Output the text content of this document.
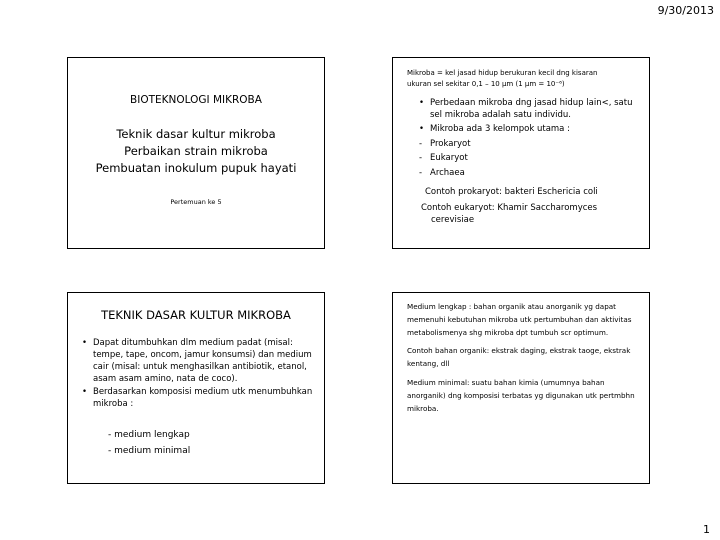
9/30/2013
BIOTEKNOLOGI MIKROBA
Teknik dasar kultur mikroba
Perbaikan strain mikroba
Pembuatan inokulum pupuk hayati
Pertemuan ke 5
Mikroba = kel jasad hidup berukuran kecil dng kisaran
ukuran sel sekitar 0,1 – 10 µm (1 µm = 10⁻⁶)
• Perbedaan mikroba dng jasad hidup lain<, satu sel mikroba adalah satu individu.
• Mikroba ada 3 kelompok utama :
- Prokaryot
- Eukaryot
- Archaea
Contoh prokaryot: bakteri Eschericia coli
Contoh eukaryot: Khamir Saccharomyces
cerevisiae
TEKNIK DASAR KULTUR MIKROBA
• Dapat ditumbuhkan dlm medium padat (misal: tempe, tape, oncom, jamur konsumsi) dan medium cair (misal: untuk menghasilkan antibiotik, etanol, asam asam amino, nata de coco).
• Berdasarkan komposisi medium utk menumbuhkan mikroba :
- medium lengkap
- medium minimal

Medium lengkap : bahan organik atau anorganik yg dapat memenuhi kebutuhan mikroba utk pertumbuhan dan aktivitas metabolismenya shg mikroba dpt tumbuh scr optimum.

Contoh bahan organik: ekstrak daging, ekstrak taoge, ekstrak kentang, dll

Medium minimal: suatu bahan kimia (umumnya bahan anorganik) dng komposisi terbatas yg digunakan utk pertmbhn mikroba.

1
